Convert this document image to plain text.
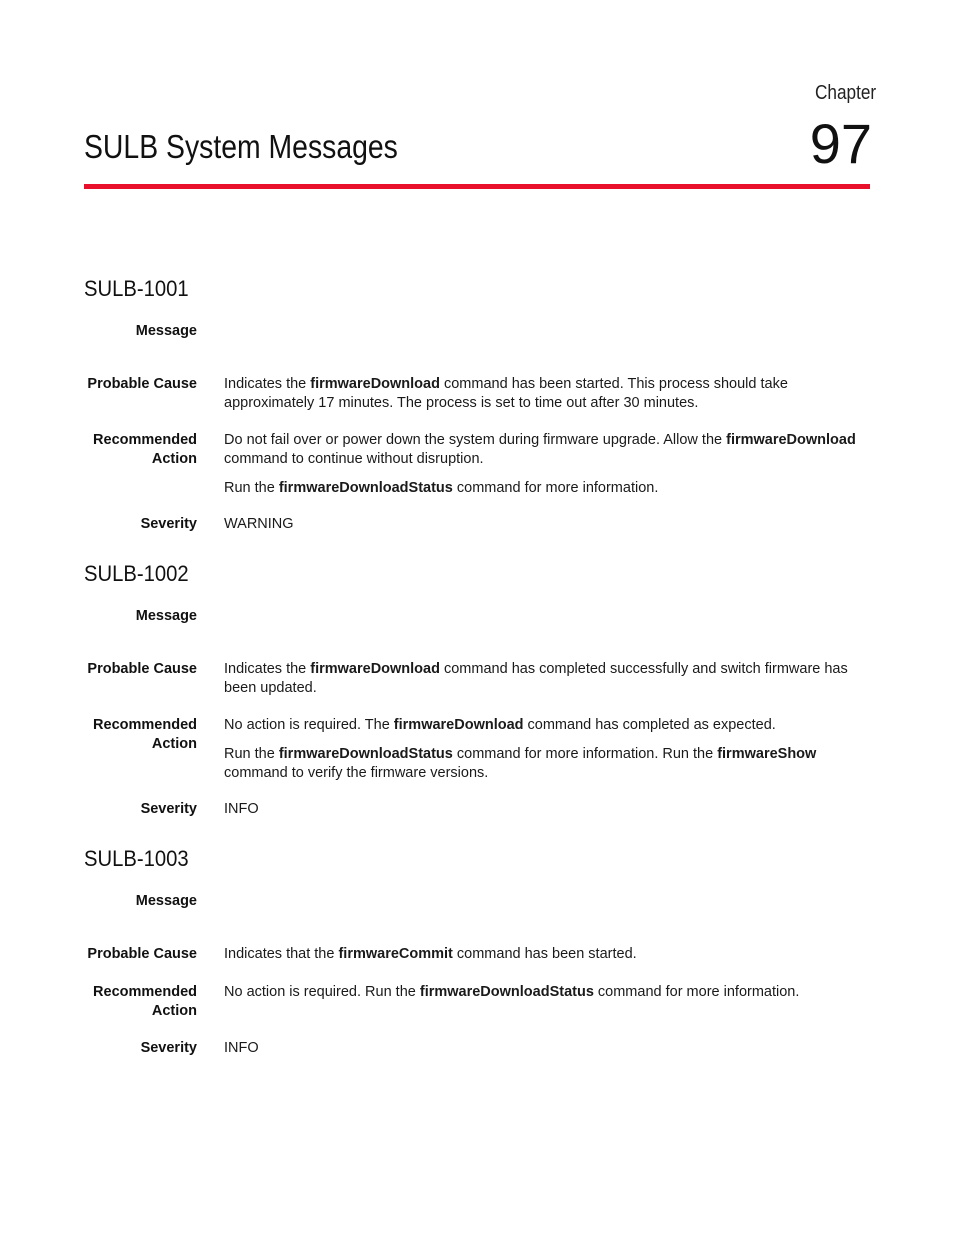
Chapter
97
SULB System Messages
SULB-1001
Message
Probable Cause Indicates the firmwareDownload command has been started. This process should take approximately 17 minutes. The process is set to time out after 30 minutes.

Recommended
Action

Do not fail over or power down the system during firmware upgrade. Allow the firmwareDownload command to continue without disruption.

Run the firmwareDownloadStatus command for more information.

Severity WARNING
SULB-1002
Message
Probable Cause Indicates the firmwareDownload command has completed successfully and switch firmware has been updated.

Recommended
Action

No action is required. The firmwareDownload command has completed as expected.

Run the firmwareDownloadStatus command for more information. Run the firmwareShow command to verify the firmware versions.

Severity INFO
SULB-1003
Message
Probable Cause Indicates that the firmwareCommit command has been started.

Recommended
Action

No action is required. Run the firmwareDownloadStatus command for more information.

Severity INFO
